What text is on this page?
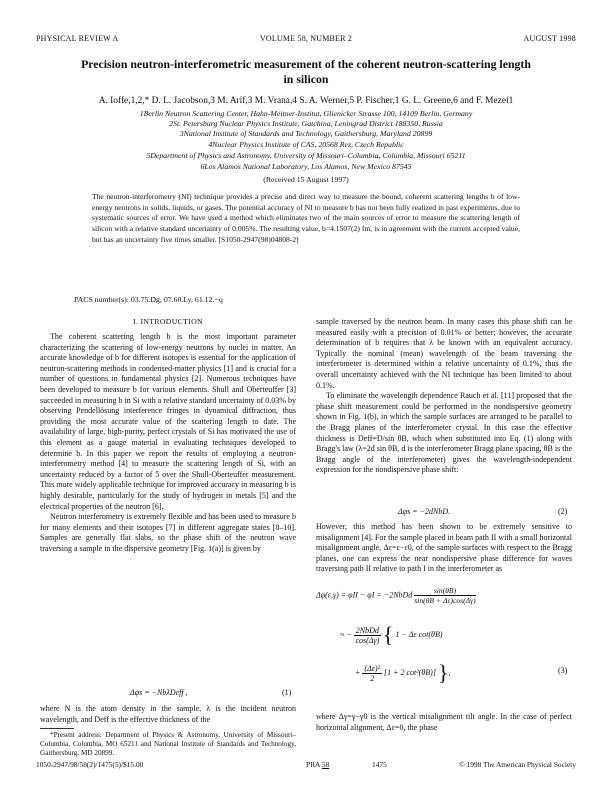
PHYSICAL REVIEW A	VOLUME 58, NUMBER 2	AUGUST 1998
Precision neutron-interferometric measurement of the coherent neutron-scattering length
in silicon
A. Ioffe,1,2,* D. L. Jacobson,3 M. Arif,3 M. Vrana,4 S. A. Werner,5 P. Fischer,1 G. L. Greene,6 and F. Mezei1
1Berlin Neutron Scattering Center, Hahn-Meitner-Institut, Glienicker Strasse 100, 14109 Berlin, Germany
2St. Petersburg Nuclear Physics Institute, Gatchina, Leningrad District 188350, Russia
3National Institute of Standards and Technology, Gaithersburg, Maryland 20899
4Nuclear Physics Institute of CAS, 20568 Rez, Czech Republic
5Department of Physics and Astronomy, University of Missouri–Columbia, Columbia, Missouri 65211
6Los Alamos National Laboratory, Los Alamos, New Mexico 87545
(Received 15 August 1997)
The neutron-interferometry (NI) technique provides a precise and direct way to measure the bound, coherent scattering lengths b of low-energy neutrons in solids, liquids, or gases. The potential accuracy of NI to measure b has not been fully realized in past experiments, due to systematic sources of error. We have used a method which eliminates two of the main sources of error to measure the scattering length of silicon with a relative standard uncertainty of 0.005%. The resulting value, b=4.1507(2) fm, is in agreement with the current accepted value, but has an uncertainty five times smaller. [S1050-2947(98)04808-2]
PACS number(s): 03.75.Dg, 07.60.Ly, 61.12.−q
I. INTRODUCTION

The coherent scattering length b is the most important parameter characterizing the scattering of low-energy neutrons by nuclei in matter. An accurate knowledge of b for different isotopes is essential for the application of neutron-scattering methods in condensed-matter physics [1] and is crucial for a number of questions in fundamental physics [2]. Numerous techniques have been developed to measure b for various elements. Shull and Oberteuffer [3] succeeded in measuring b in Si with a relative standard uncertainty of 0.03% by observing Pendellösung interference fringes in dynamical diffraction, thus providing the most accurate value of the scattering length to date. The availability of large, high-purity, perfect crystals of Si has motivated the use of this element as a gauge material in evaluating techniques developed to determine b. In this paper we report the results of employing a neutron-interferometry method [4] to measure the scattering length of Si, with an uncertainty reduced by a factor of 5 over the Shull-Oberteuffer measurement. This more widely applicable technique for improved accuracy in measuring b is highly desirable, particularly for the study of hydrogen in metals [5] and the electrical properties of the neutron [6].

Neutron interferometry is extremely flexible and has been used to measure b for many elements and their isotopes [7] in different aggregate states [8–10]. Samples are generally flat slabs, so the phase shift of the neutron wave traversing a sample in the dispersive geometry [Fig. 1(a)] is given by

Δφs = −NbλDeff ,	(1)
where N is the atom density in the sample, λ is the incident neutron wavelength, and Deff is the effective thickness of the
*Present address: Department of Physics & Astronomy, University of Missouri–Columbia, Columbia, MO 65211 and National Institute of Standards and Technology, Gaithersburg, MD 20899.

sample traversed by the neutron beam. In many cases this phase shift can be measured easily with a precision of 0.01% or better; however, the accurate determination of b requires that λ be known with an equivalent accuracy. Typically the nominal (mean) wavelength of the beam traversing the interferometer is determined within a relative uncertainty of 0.1%, thus the overall uncertainty achieved with the NI technique has been limited to about 0.1%.

To eliminate the wavelength dependence Rauch et al. [11] proposed that the phase shift measurement could be performed in the nondispersive geometry shown in Fig. 1(b), in which the sample surfaces are arranged to be parallel to the Bragg planes of the interferometer crystal. In this case the effective thickness is Deff=D/sin θB, which when substituted into Eq. (1) along with Bragg's law (λ=2d sin θB, d is the interferometer Bragg plane spacing, θB is the Bragg angle of the interferometer) gives the wavelength-independent expression for the nondispersive phase shift:

Δφs = −2dNbD.	(2)
However, this method has been shown to be extremely sensitive to misalignment [4]. For the sample placed in beam path II with a small horizontal misalignment angle, Δε=ε−ε0, of the sample surfaces with respect to the Bragg planes, one can express the near nondispersive phase difference for waves traversing path II relative to path I in the interferometer as
Δφ(ε,γ) = φII − φI = −2NbDd $\frac{\sin(\theta B)}{\sin(\theta B + \Delta\varepsilon)\cos(\Delta\gamma)}$
≈ − $\frac{\text{2NbDd}}{\cos(\Delta\gamma)}$ { 1 − Δε cot(θB)
+ $\frac{\text{(Δε)²}}{2} [1 + 2$ cot²(θB)] },	(3)
where Δγ=γ−γ0 is the vertical misalignment tilt angle. In the case of perfect horizontal alignment, Δε=0, the phase
1050-2947/98/58(2)/1475(5)/$15.00	PRA 58	1475	© 1998 The American Physical Society
